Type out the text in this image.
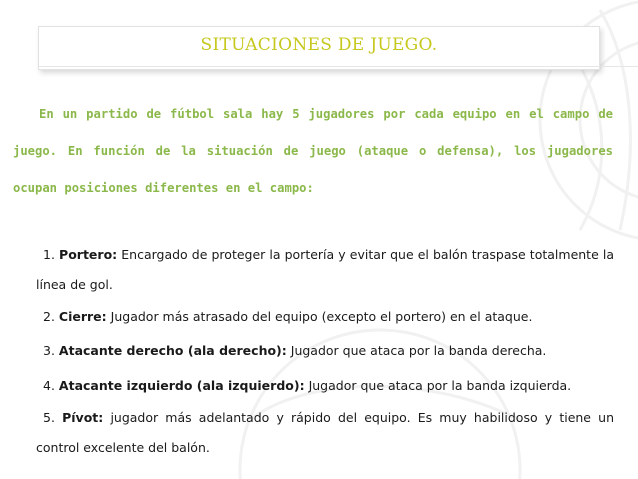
SITUACIONES DE JUEGO.
En un partido de fútbol sala hay 5 jugadores por cada equipo en el campo de juego. En función de la situación de juego (ataque o defensa), los jugadores ocupan posiciones diferentes en el campo:
1. Portero: Encargado de proteger la portería y evitar que el balón traspase totalmente la línea de gol.
2. Cierre: Jugador más atrasado del equipo (excepto el portero) en el ataque.
3. Atacante derecho (ala derecho): Jugador que ataca por la banda derecha.
4. Atacante izquierdo (ala izquierdo): Jugador que ataca por la banda izquierda.
5. Pívot: jugador más adelantado y rápido del equipo. Es muy habilidoso y tiene un control excelente del balón.
